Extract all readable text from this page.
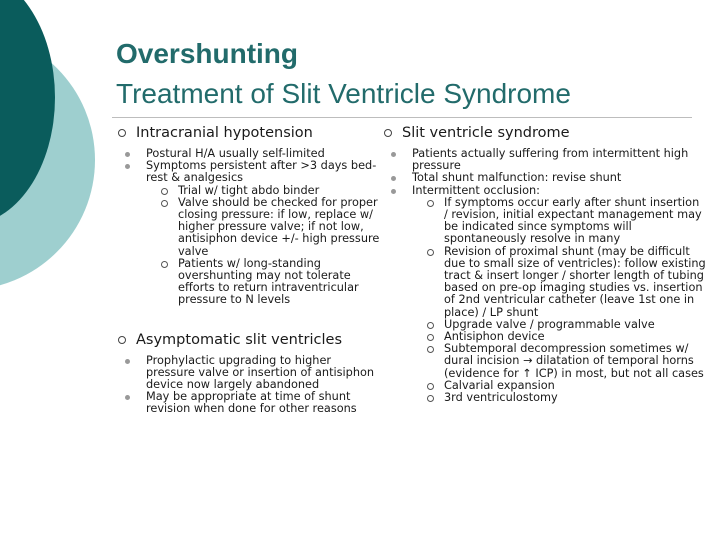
Overshunting
Treatment of Slit Ventricle Syndrome
Intracranial hypotension
Postural H/A usually self-limited
Symptoms persistent after >3 days bed-rest & analgesics
Trial w/ tight abdo binder
Valve should be checked for proper closing pressure: if low, replace w/ higher pressure valve; if not low, antisiphon device +/- high pressure valve
Patients w/ long-standing overshunting may not tolerate efforts to return intraventricular pressure to N levels
Asymptomatic slit ventricles
Prophylactic upgrading to higher pressure valve or insertion of antisiphon device now largely abandoned
May be appropriate at time of shunt revision when done for other reasons
Slit ventricle syndrome
Patients actually suffering from intermittent high pressure
Total shunt malfunction: revise shunt
Intermittent occlusion:
If symptoms occur early after shunt insertion / revision, initial expectant management may be indicated since symptoms will spontaneously resolve in many
Revision of proximal shunt (may be difficult due to small size of ventricles): follow existing tract & insert longer / shorter length of tubing based on pre-op imaging studies vs. insertion of 2nd ventricular catheter (leave 1st one in place) / LP shunt
Upgrade valve / programmable valve
Antisiphon device
Subtemporal decompression sometimes w/ dural incision → dilatation of temporal horns (evidence for ↑ ICP) in most, but not all cases
Calvarial expansion
3rd ventriculostomy
